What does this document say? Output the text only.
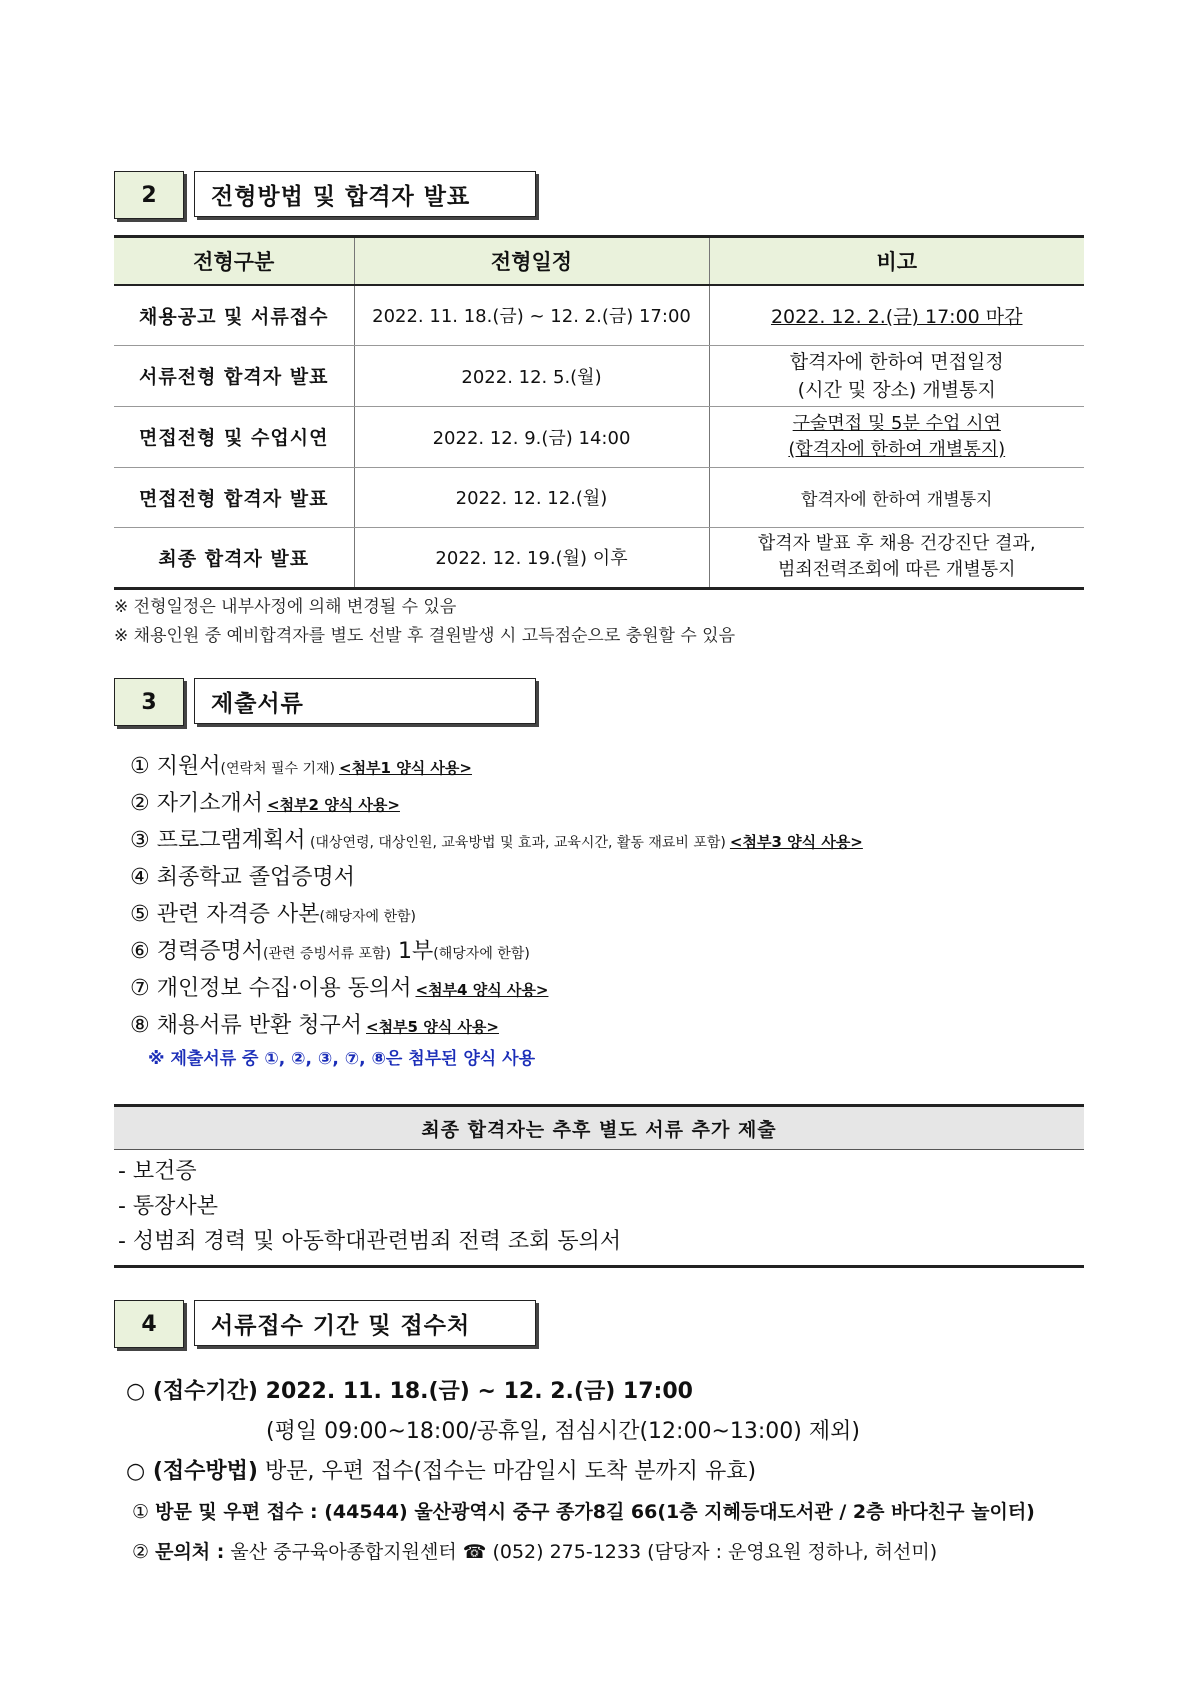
2	전형방법 및 합격자 발표
전형구분	전형일정	비고
채용공고 및 서류접수	2022. 11. 18.(금) ~ 12. 2.(금) 17:00	2022. 12. 2.(금) 17:00 마감
서류전형 합격자 발표	2022. 12. 5.(월)	합격자에 한하여 면접일정
(시간 및 장소) 개별통지

면접전형 및 수업시연	2022. 12. 9.(금) 14:00	구술면접 및 5분 수업 시연
(합격자에 한하여 개별통지)

면접전형 합격자 발표	2022. 12. 12.(월)	합격자에 한하여 개별통지
최종 합격자 발표	2022. 12. 19.(월) 이후	합격자 발표 후 채용 건강진단 결과,
범죄전력조회에 따른 개별통지
※ 전형일정은 내부사정에 의해 변경될 수 있음
※ 채용인원 중 예비합격자를 별도 선발 후 결원발생 시 고득점순으로 충원할 수 있음
3	제출서류
① 지원서(연락처 필수 기재) <첨부1 양식 사용>
② 자기소개서 <첨부2 양식 사용>
③ 프로그램계획서 (대상연령, 대상인원, 교육방법 및 효과, 교육시간, 활동 재료비 포함) <첨부3 양식 사용>
④ 최종학교 졸업증명서
⑤ 관련 자격증 사본(해당자에 한함)
⑥ 경력증명서(관련 증빙서류 포함) 1부(해당자에 한함)
⑦ 개인정보 수집·이용 동의서 <첨부4 양식 사용>
⑧ 채용서류 반환 청구서 <첨부5 양식 사용>
※ 제출서류 중 ①, ②, ③, ⑦, ⑧은 첨부된 양식 사용
최종 합격자는 추후 별도 서류 추가 제출
- 보건증
- 통장사본
- 성범죄 경력 및 아동학대관련범죄 전력 조회 동의서
4	서류접수 기간 및 접수처
○ (접수기간) 2022. 11. 18.(금) ~ 12. 2.(금) 17:00
(평일 09:00~18:00/공휴일, 점심시간(12:00~13:00) 제외)
○ (접수방법) 방문, 우편 접수(접수는 마감일시 도착 분까지 유효)
① 방문 및 우편 접수 : (44544) 울산광역시 중구 종가8길 66(1층 지혜등대도서관 / 2층 바다친구 놀이터)
② 문의처 : 울산 중구육아종합지원센터 ☎ (052) 275-1233 (담당자 : 운영요원 정하나, 허선미)
